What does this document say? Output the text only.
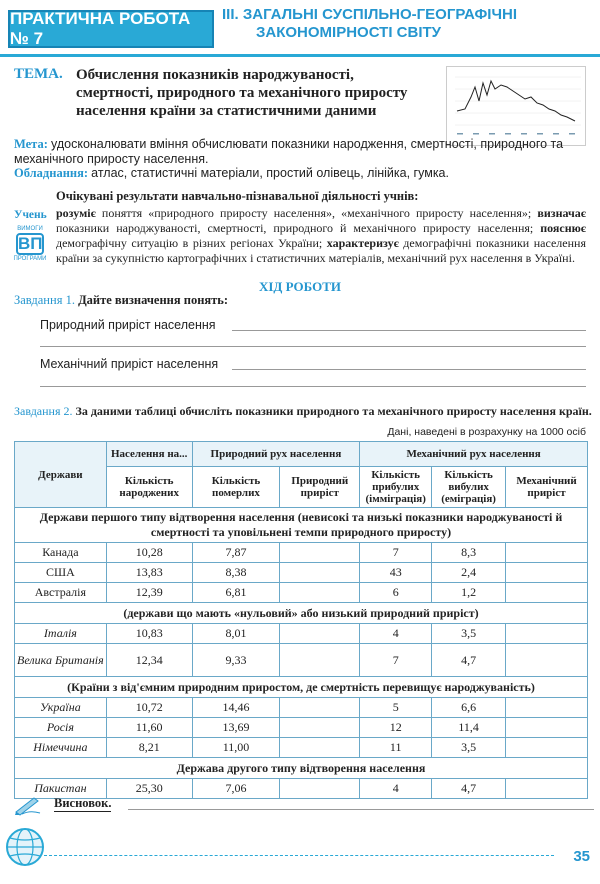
ПРАКТИЧНА РОБОТА № 7
ІІІ. ЗАГАЛЬНІ СУСПІЛЬНО-ГЕОГРАФІЧНІ
ЗАКОНОМІРНОСТІ СВІТУ
ТЕМА. Обчислення показників народжуваності, смертності, природного та механічного приросту населення країни за статистичними даними
Мета: удосконалювати вміння обчислювати показники народження, смертності, природного та механічного приросту населення.
Обладнання: атлас, статистичні матеріали, простий олівець, лінійка, гумка.
Очікувані результати навчально-пізнавальної діяльності учнів:
Учень
ВИМОГИ
ВП
ПРОГРАМИ
розуміє поняття «природного приросту населення», «механічного приросту населення»; визначає показники народжуваності, смертності, природного й механічного приросту населення; пояснює демографічну ситуацію в різних регіонах України; характеризує демографічні показники населення країни за сукупністю картографічних і статистичних матеріалів, механічний рух населення в Україні.
ХІД РОБОТИ
Завдання 1. Дайте визначення понять:
Природний приріст населення
Механічний приріст населення
Завдання 2. За даними таблиці обчисліть показники природного та механічного приросту населення країн.
Дані, наведені в розрахунку на 1000 осіб
Держави	Населення на...	Природний рух населення		Механічний рух населення		
	Кількість народжених	Кількість померлих	Природний приріст	Кількість прибулих (імміграція)	Кількість вибулих (еміграція)	Механічний приріст
Держави першого типу відтворення населення (невисокі та низькі показники народжуваності й смертності та уповільнені темпи природного приросту)						
Канада	10,28	7,87		7	8,3	
США	13,83	8,38		43	2,4	
Австралія	12,39	6,81		6	1,2	
(держави що мають «нульовий» або низький природний приріст)						
Італія	10,83	8,01		4	3,5	
Велика Британія	12,34	9,33		7	4,7	
(Країни з від'ємним природним приростом, де смертність перевищує народжуваність)						
Україна	10,72	14,46		5	6,6	
Росія	11,60	13,69		12	11,4	
Німеччина	8,21	11,00		11	3,5	
Держава другого типу відтворення населення						
Пакистан	25,30	7,06		4	4,7	
Висновок.
35
